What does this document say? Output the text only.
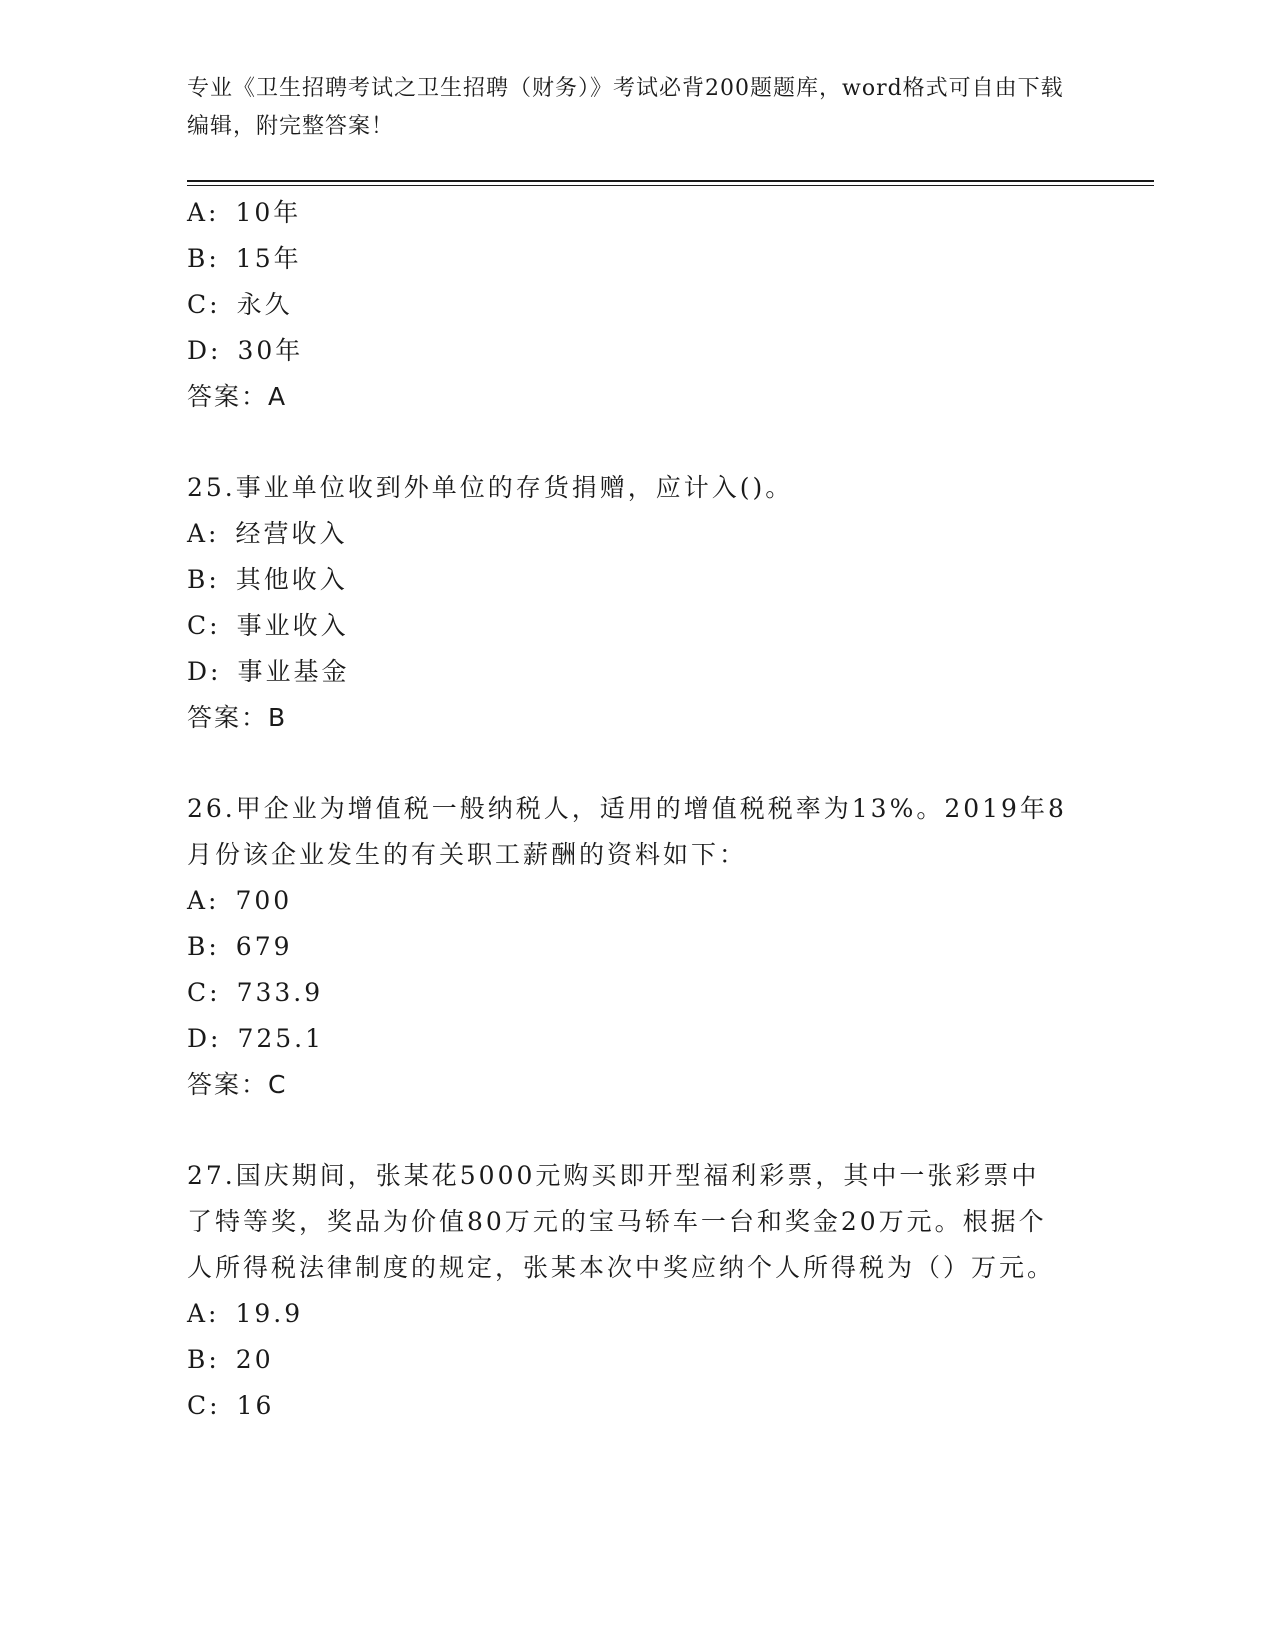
专业《卫生招聘考试之卫生招聘（财务）》考试必背200题题库，word格式可自由下载编辑，附完整答案！
A: 10年
B: 15年
C: 永久
D: 30年
答案：A
25.事业单位收到外单位的存货捐赠，应计入()。
A: 经营收入
B: 其他收入
C: 事业收入
D: 事业基金
答案：B
26.甲企业为增值税一般纳税人，适用的增值税税率为13%。2019年8月份该企业发生的有关职工薪酬的资料如下：
A: 700
B: 679
C: 733.9
D: 725.1
答案：C
27.国庆期间，张某花5000元购买即开型福利彩票，其中一张彩票中了特等奖，奖品为价值80万元的宝马轿车一台和奖金20万元。根据个人所得税法律制度的规定，张某本次中奖应纳个人所得税为（）万元。
A: 19.9
B: 20
C: 16
